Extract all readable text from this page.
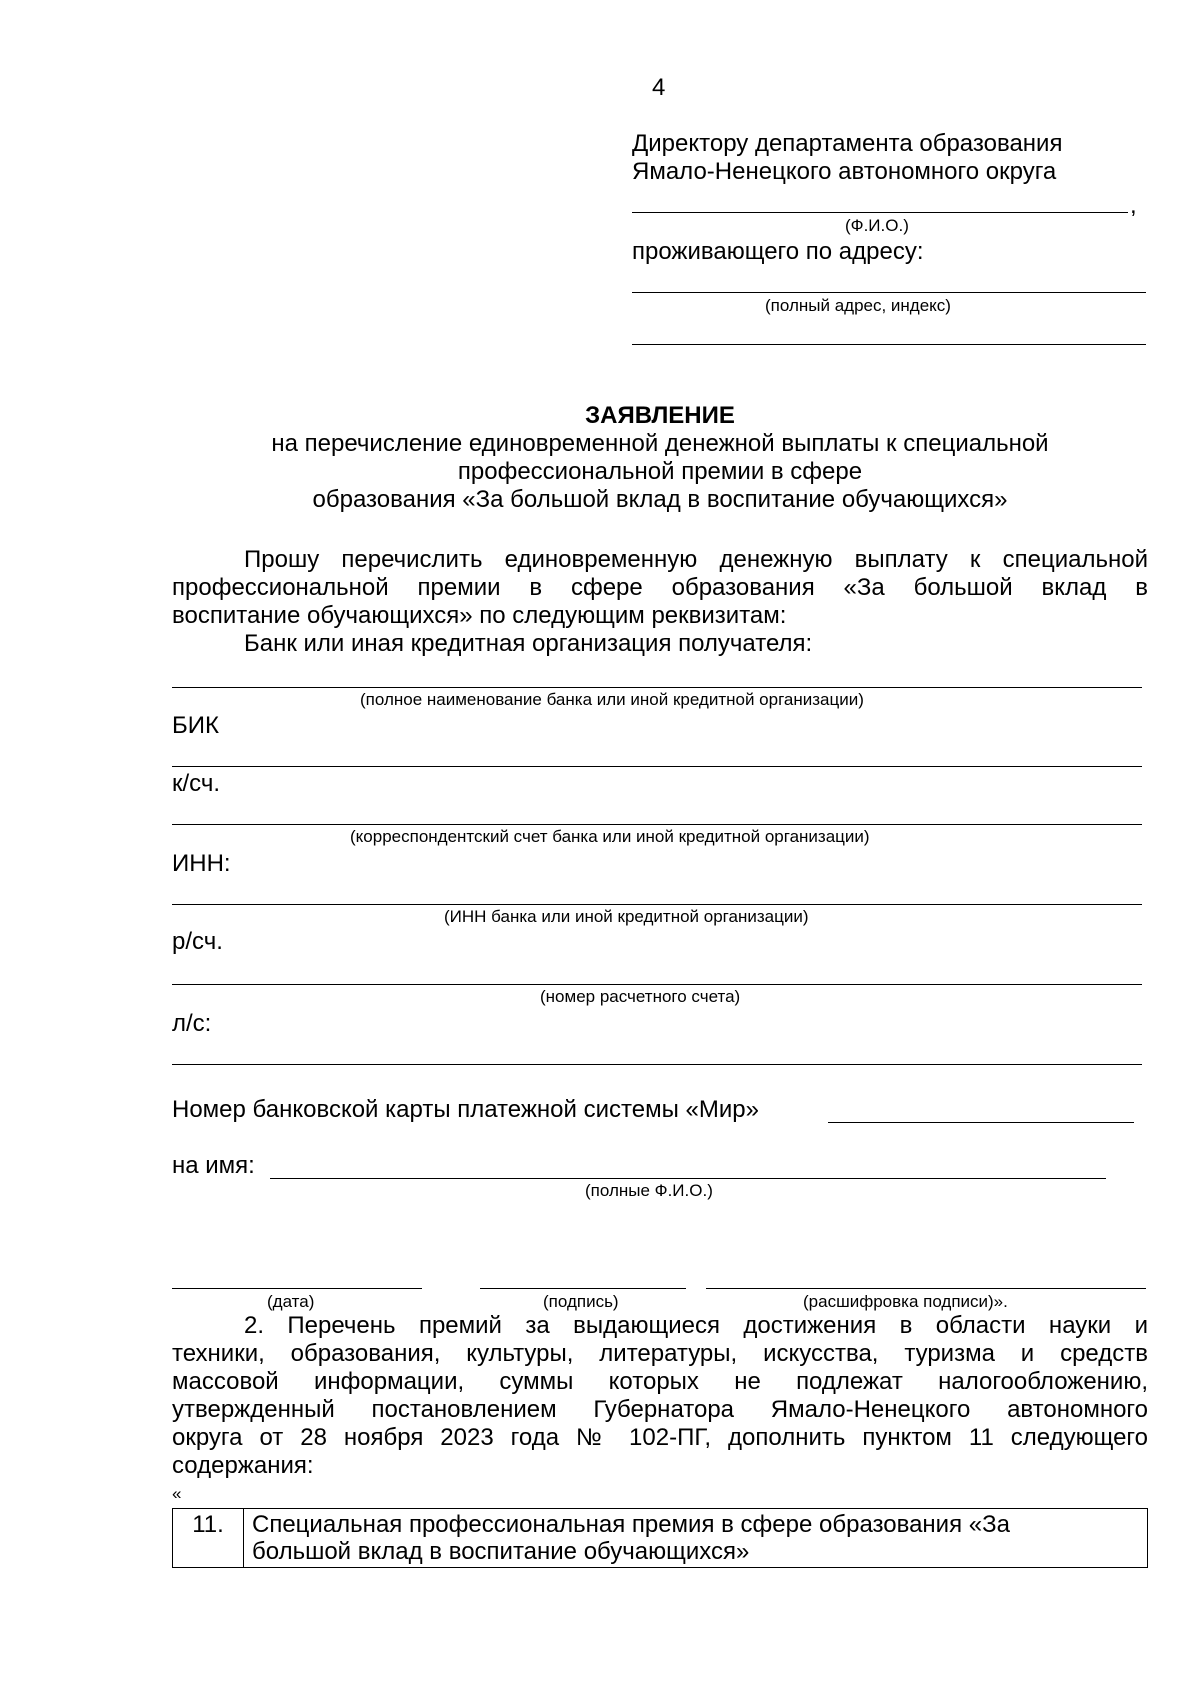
4
Директору департамента образования
Ямало-Ненецкого автономного округа
,
(Ф.И.О.)
проживающего по адресу:
(полный адрес, индекс)
ЗАЯВЛЕНИЕ
на перечисление единовременной денежной выплаты к специальной
профессиональной премии в сфере
образования «За большой вклад в воспитание обучающихся»
Прошу перечислить единовременную денежную выплату к специальной
профессиональной премии в сфере образования «За большой вклад в
воспитание обучающихся» по следующим реквизитам:
Банк или иная кредитная организация получателя:
(полное наименование банка или иной кредитной организации)
БИК
к/сч.
(корреспондентский счет банка или иной кредитной организации)
ИНН:
(ИНН банка или иной кредитной организации)
р/сч.
(номер расчетного счета)
л/с:
Номер банковской карты платежной системы «Мир»
на имя:
(полные Ф.И.О.)
(дата)	(подпись)	(расшифровка подписи)».
2. Перечень премий за выдающиеся достижения в области науки и
техники, образования, культуры, литературы, искусства, туризма и средств
массовой информации, суммы которых не подлежат налогообложению,
утвержденный постановлением Губернатора Ямало-Ненецкого автономного
округа от 28 ноября 2023 года № 102-ПГ, дополнить пунктом 11 следующего
содержания:
«
11.	Специальная профессиональная премия в сфере образования «За
большой вклад в воспитание обучающихся»
